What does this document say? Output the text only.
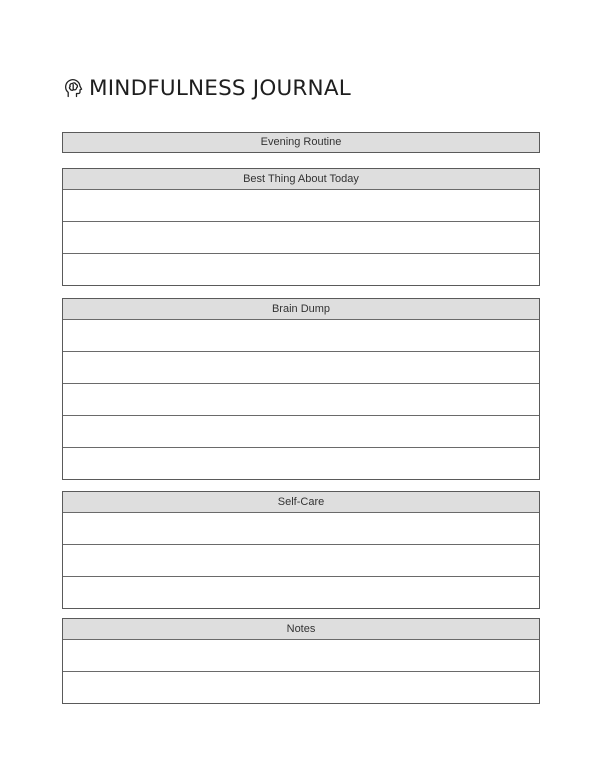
MINDFULNESS JOURNAL
Evening Routine
Best Thing About Today
Brain Dump
Self-Care
Notes
